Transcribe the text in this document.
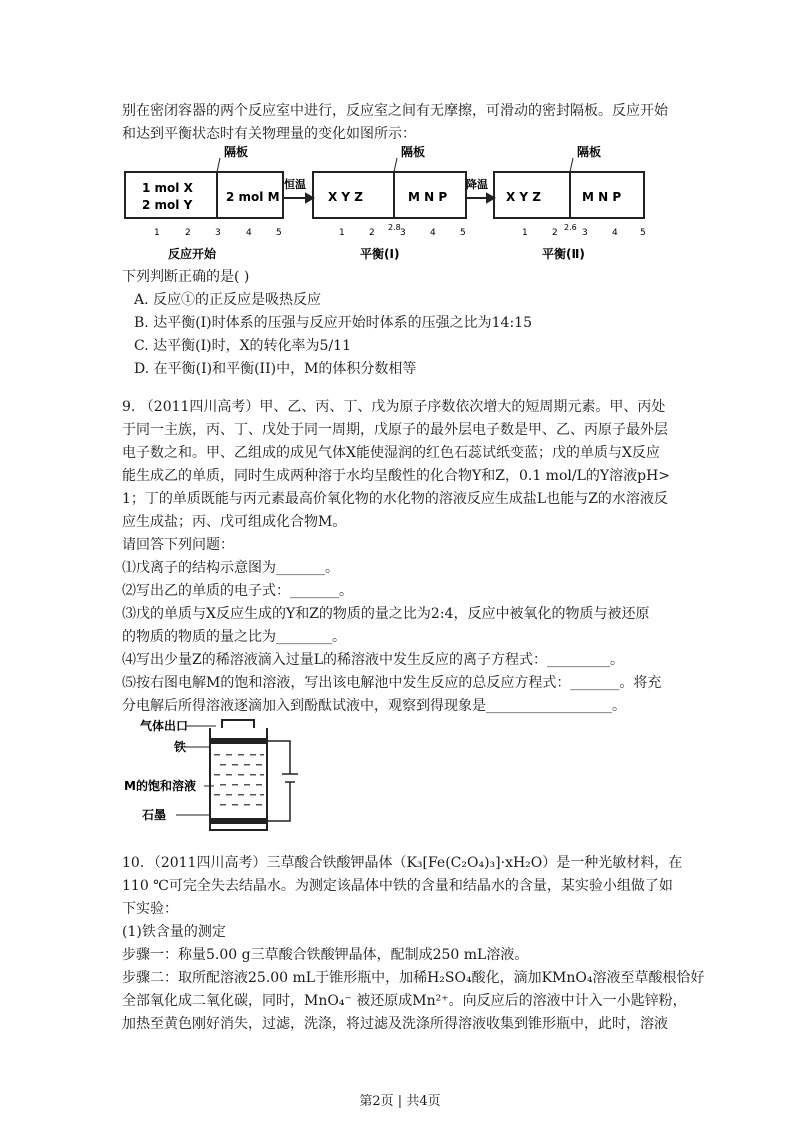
别在密闭容器的两个反应室中进行，反应室之间有无摩擦，可滑动的密封隔板。反应开始
和达到平衡状态时有关物理量的变化如图所示：
隔板	隔板	隔板
1 mol X
2 mol Y
2 mol M	X Y Z	M N P	X Y Z	M N P
恒温	降温
1	2	3	4	5	1	2
2.8
3	4	5	1	2
2.6
3	4 5
反应开始	平衡(Ⅰ)	平衡(Ⅱ)
下列判断正确的是( )
A. 反应①的正反应是吸热反应
B. 达平衡(I)时体系的压强与反应开始时体系的压强之比为14:15
C. 达平衡(I)时，X的转化率为5/11
D. 在平衡(I)和平衡(II)中，M的体积分数相等
9. （2011四川高考）甲、乙、丙、丁、戊为原子序数依次增大的短周期元素。甲、丙处
于同一主族，丙、丁、戊处于同一周期，戊原子的最外层电子数是甲、乙、丙原子最外层
电子数之和。甲、乙组成的成见气体X能使湿润的红色石蕊试纸变蓝；戊的单质与X反应
能生成乙的单质，同时生成两种溶于水均呈酸性的化合物Y和Z，0.1 mol/L的Y溶液pH>
1；丁的单质既能与丙元素最高价氧化物的水化物的溶液反应生成盐L也能与Z的水溶液反
应生成盐；丙、戊可组成化合物M。
请回答下列问题：
⑴戊离子的结构示意图为_______。
⑵写出乙的单质的电子式：_______。
⑶戊的单质与X反应生成的Y和Z的物质的量之比为2:4，反应中被氧化的物质与被还原
的物质的物质的量之比为________。
⑷写出少量Z的稀溶液滴入过量L的稀溶液中发生反应的离子方程式：_________。
⑸按右图电解M的饱和溶液，写出该电解池中发生反应的总反应方程式：_______。将充
分电解后所得溶液逐滴加入到酚酞试液中，观察到得现象是__________________。
气体出口
铁
M的饱和溶液
石墨
10．（2011四川高考）三草酸合铁酸钾晶体（K₃[Fe(C₂O₄)₃]·xH₂O）是一种光敏材料，在
110 ℃可完全失去结晶水。为测定该晶体中铁的含量和结晶水的含量，某实验小组做了如
下实验：
(1)铁含量的测定
步骤一：称量5.00 g三草酸合铁酸钾晶体，配制成250 mL溶液。
步骤二：取所配溶液25.00 mL于锥形瓶中，加稀H₂SO₄酸化，滴加KMnO₄溶液至草酸根恰好
全部氧化成二氧化碳，同时，MnO₄⁻ 被还原成Mn²⁺。向反应后的溶液中计入一小匙锌粉，
加热至黄色刚好消失，过滤，洗涤，将过滤及洗涤所得溶液收集到锥形瓶中，此时，溶液
第2页 | 共4页
